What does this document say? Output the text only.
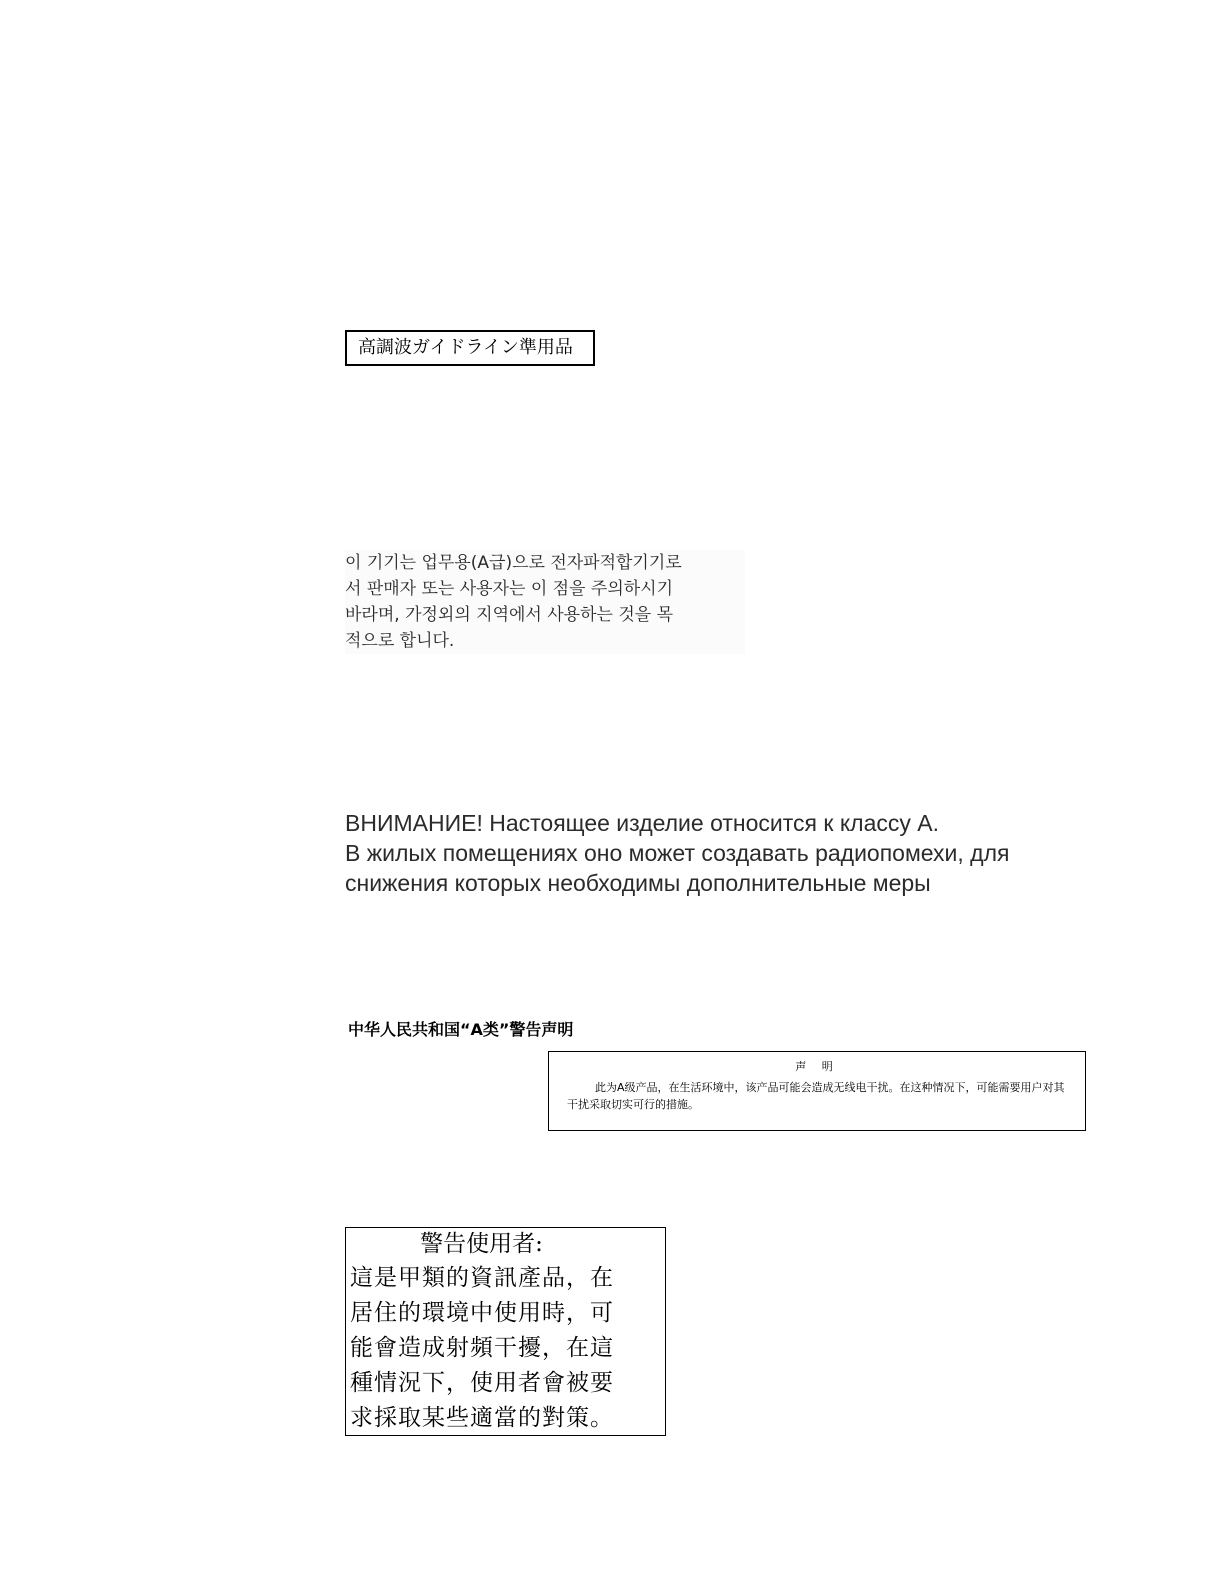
高調波ガイドライン準用品
이 기기는 업무용(A급)으로 전자파적합기기로
서 판매자 또는 사용자는 이 점을 주의하시기
바라며, 가정외의 지역에서 사용하는 것을 목
적으로 합니다.
ВНИМАНИЕ! Настоящее изделие относится к классу А.
В жилых помещениях оно может создавать радиопомехи, для
снижения которых необходимы дополнительные меры
中华人民共和国“A类”警告声明
声 明
此为A级产品，在生活环境中，该产品可能会造成无线电干扰。在这种情况下，可能需要用户对其干扰采取切实可行的措施。
警告使用者:
這是甲類的資訊產品，在
居住的環境中使用時，可
能會造成射頻干擾，在這
種情況下，使用者會被要
求採取某些適當的對策。
